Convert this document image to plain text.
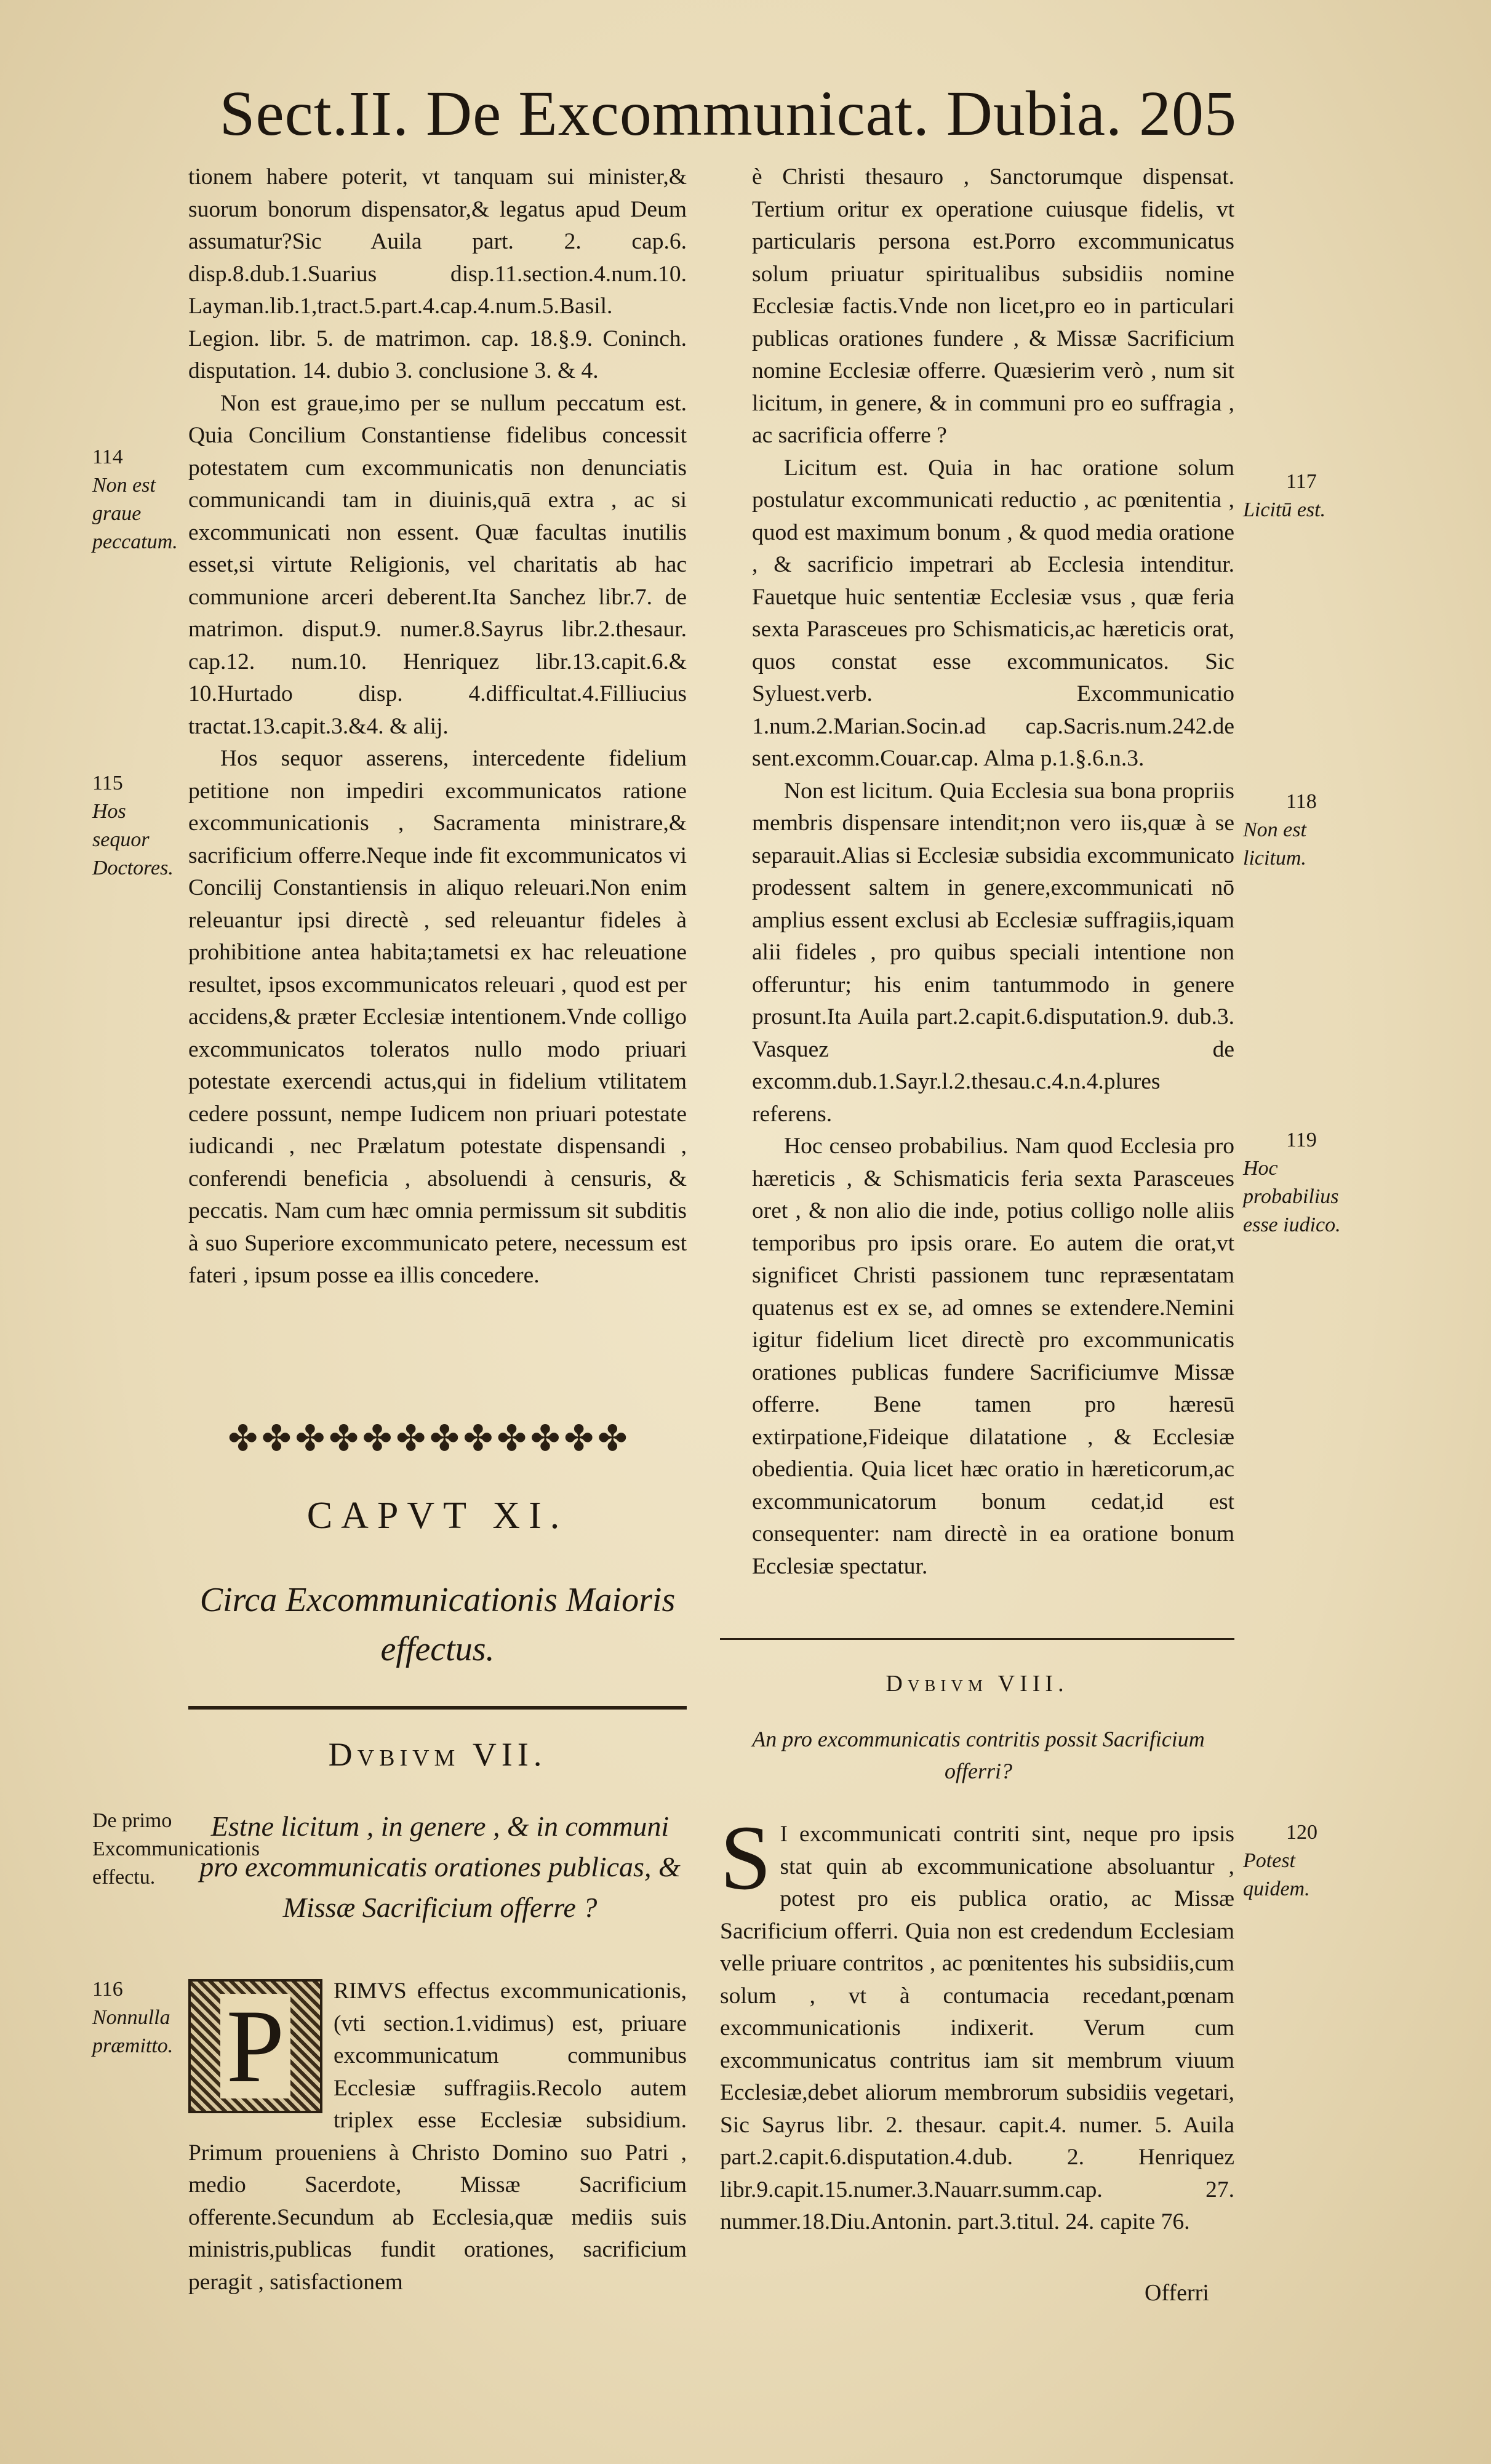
Sect.II. De Excommunicat. Dubia. 205

tionem habere poterit, vt tanquam sui minister,& suorum bonorum dispensator,& legatus apud Deum assumatur?Sic Auila part. 2. cap.6. disp.8.dub.1.Suarius disp.11.section.4.num.10. Layman.lib.1,tract.5.part.4.cap.4.num.5.Basil. Legion. libr. 5. de matrimon. cap. 18.§.9. Coninch. disputation. 14. dubio 3. conclusione 3. & 4.

Non est graue,imo per se nullum peccatum est. Quia Concilium Constantiense fidelibus concessit potestatem cum excommunicatis non denunciatis communicandi tam in diuinis,quā extra , ac si excommunicati non essent. Quæ facultas inutilis esset,si virtute Religionis, vel charitatis ab hac communione arceri deberent.Ita Sanchez libr.7. de matrimon. disput.9. numer.8.Sayrus libr.2.thesaur. cap.12. num.10. Henriquez libr.13.capit.6.& 10.Hurtado disp. 4.difficultat.4.Filliucius tractat.13.capit.3.&4. & alij.

Hos sequor asserens, intercedente fidelium petitione non impediri excommunicatos ratione excommunicationis , Sacramenta ministrare,& sacrificium offerre.Neque inde fit excommunicatos vi Concilij Constantiensis in aliquo releuari.Non enim releuantur ipsi directè , sed releuantur fideles à prohibitione antea habita;tametsi ex hac releuatione resultet, ipsos excommunicatos releuari , quod est per accidens,& præter Ecclesiæ intentionem.Vnde colligo excommunicatos toleratos nullo modo priuari potestate exercendi actus,qui in fidelium vtilitatem cedere possunt, nempe Iudicem non priuari potestate iudicandi , nec Prælatum potestate dispensandi , conferendi beneficia , absoluendi à censuris, & peccatis. Nam cum hæc omnia permissum sit subditis à suo Superiore excommunicato petere, necessum est fateri , ipsum posse ea illis concedere.

114
Non est graue peccatum.
115
Hos sequor Doctores.
✤✤✤✤✤✤✤✤✤✤✤✤
CAPVT XI.
Circa Excommunicationis Maioris effectus.
Dvbivm VII.
De primo Excommunicationis effectu.
Estne licitum , in genere , & in communi pro excommunicatis orationes publicas, & Missæ Sacrificium offerre ?
116
Nonnulla præmitto. P	RIMVS effectus excommunicationis,(vti section.1.vidimus) est, priuare excommunicatum communibus Ecclesiæ suffragiis.Recolo autem triplex esse Ecclesiæ subsidium. Primum proueniens à Christo Domino suo Patri , medio Sacerdote, Missæ Sacrificium offerente.Secundum ab Ecclesia,quæ mediis suis ministris,publicas fundit orationes, sacrificium peragit , satisfactionem

è Christi thesauro , Sanctorumque dispensat. Tertium oritur ex operatione cuiusque fidelis, vt particularis persona est.Porro excommunicatus solum priuatur spiritualibus subsidiis nomine Ecclesiæ factis.Vnde non licet,pro eo in particulari publicas orationes fundere , & Missæ Sacrificium nomine Ecclesiæ offerre. Quæsierim verò , num sit licitum, in genere, & in communi pro eo suffragia , ac sacrificia offerre ?

Licitum est. Quia in hac oratione solum postulatur excommunicati reductio , ac pœnitentia , quod est maximum bonum , & quod media oratione , & sacrificio impetrari ab Ecclesia intenditur. Fauetque huic sententiæ Ecclesiæ vsus , quæ feria sexta Parasceues pro Schismaticis,ac hæreticis orat, quos constat esse excommunicatos. Sic Syluest.verb. Excommunicatio 1.num.2.Marian.Socin.ad cap.Sacris.num.242.de sent.excomm.Couar.cap. Alma p.1.§.6.n.3.

Non est licitum. Quia Ecclesia sua bona propriis membris dispensare intendit;non vero iis,quæ à se separauit.Alias si Ecclesiæ subsidia excommunicato prodessent saltem in genere,excommunicati nō amplius essent exclusi ab Ecclesiæ suffragiis,iquam alii fideles , pro quibus speciali intentione non offeruntur; his enim tantummodo in genere prosunt.Ita Auila part.2.capit.6.disputation.9. dub.3. Vasquez de excomm.dub.1.Sayr.l.2.thesau.c.4.n.4.plures referens.

Hoc censeo probabilius. Nam quod Ecclesia pro hæreticis , & Schismaticis feria sexta Parasceues oret , & non alio die inde, potius colligo nolle aliis temporibus pro ipsis orare. Eo autem die orat,vt significet Christi passionem tunc repræsentatam quatenus est ex se, ad omnes se extendere.Nemini igitur fidelium licet directè pro excommunicatis orationes publicas fundere Sacrificiumve Missæ offerre. Bene tamen pro hæresū extirpatione,Fideique dilatatione , & Ecclesiæ obedientia. Quia licet hæc oratio in hæreticorum,ac excommunicatorum bonum cedat,id est consequenter: nam directè in ea oratione bonum Ecclesiæ spectatur.

117
Licitū est.
118
Non est licitum.
119
Hoc probabilius esse iudico.
Dvbivm VIII.
An pro excommunicatis contritis possit Sacrificium offerri?
120
Potest quidem.
S I excommunicati contriti sint, neque pro ipsis stat quin ab excommunicatione absoluantur , potest pro eis publica oratio, ac Missæ Sacrificium offerri. Quia non est credendum Ecclesiam velle priuare contritos , ac pœnitentes his subsidiis,cum solum , vt à contumacia recedant,pœnam excommunicationis indixerit. Verum cum excommunicatus contritus iam sit membrum viuum Ecclesiæ,debet aliorum membrorum subsidiis vegetari, Sic Sayrus libr. 2. thesaur. capit.4. numer. 5. Auila part.2.capit.6.disputation.4.dub. 2. Henriquez libr.9.capit.15.numer.3.Nauarr.summ.cap. 27. nummer.18.Diu.Antonin. part.3.titul. 24. capite 76.

Offerri
